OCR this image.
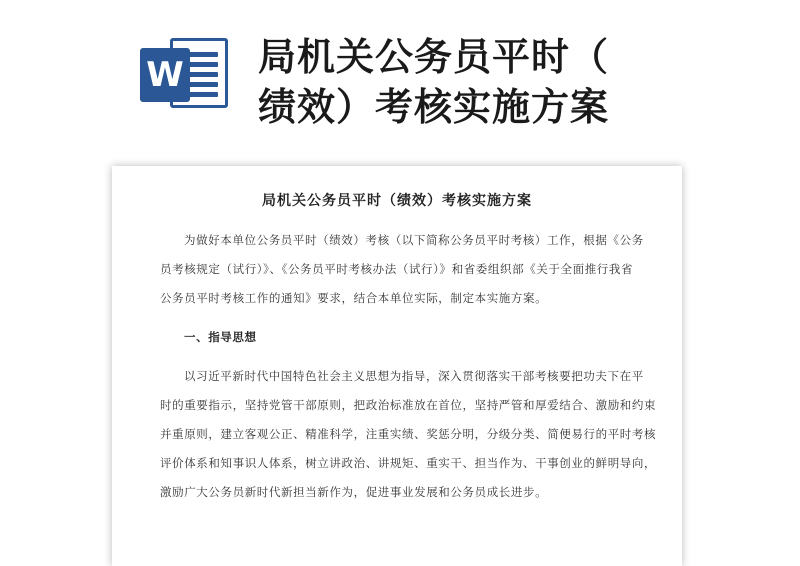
W 局机关公务员平时（
绩效）考核实施方案
局机关公务员平时（绩效）考核实施方案

为做好本单位公务员平时（绩效）考核（以下简称公务员平时考核）工作，根据《公务
员考核规定（试行）》、《公务员平时考核办法（试行）》和省委组织部《关于全面推行我省
公务员平时考核工作的通知》要求，结合本单位实际，制定本实施方案。

一、指导思想

以习近平新时代中国特色社会主义思想为指导，深入贯彻落实干部考核要把功夫下在平
时的重要指示，坚持党管干部原则，把政治标准放在首位，坚持严管和厚爱结合、激励和约束
并重原则，建立客观公正、精准科学，注重实绩、奖惩分明，分级分类、简便易行的平时考核
评价体系和知事识人体系，树立讲政治、讲规矩、重实干、担当作为、干事创业的鲜明导向，
激励广大公务员新时代新担当新作为，促进事业发展和公务员成长进步。
